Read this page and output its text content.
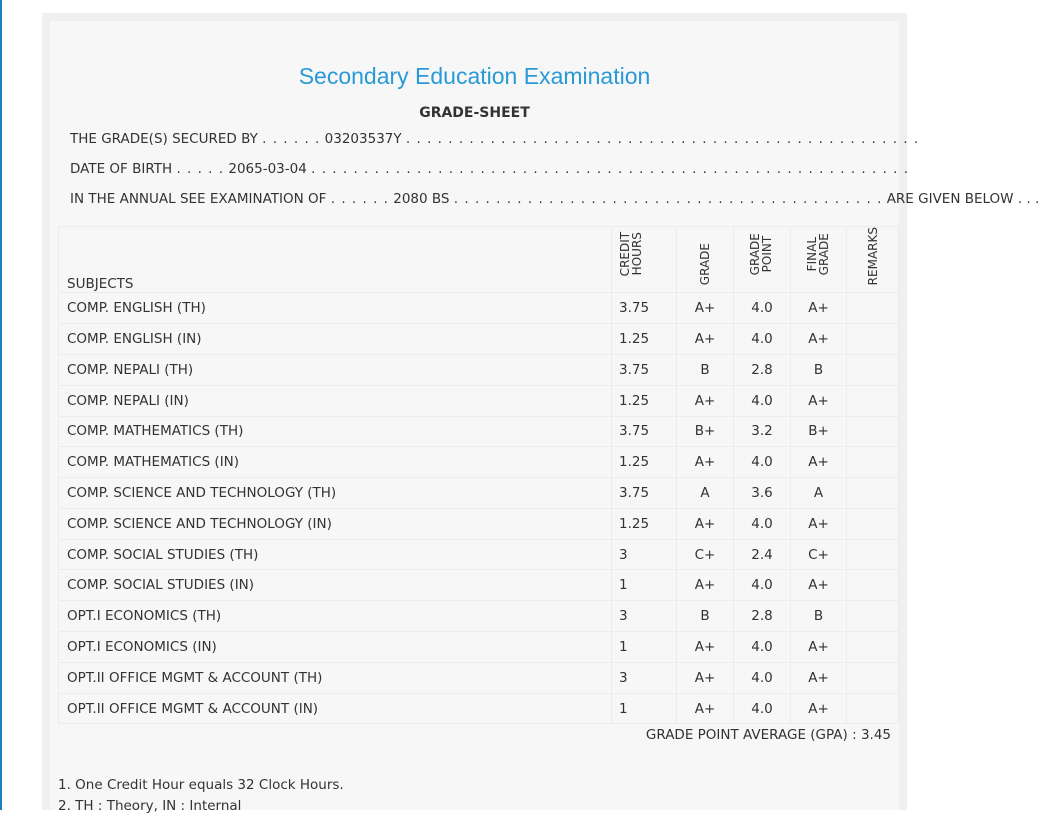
Secondary Education Examination
GRADE-SHEET
THE GRADE(S) SECURED BY . . . . . . 03203537Y . . . . . . . . . . . . . . . . . . . . . . . . . . . . . . . . . . . . . . . . . . . . . . . . .
DATE OF BIRTH . . . . . 2065-03-04 . . . . . . . . . . . . . . . . . . . . . . . . . . . . . . . . . . . . . . . . . . . . . . . . . . . . . . . . .
IN THE ANNUAL SEE EXAMINATION OF . . . . . . 2080 BS . . . . . . . . . . . . . . . . . . . . . . . . . . . . . . . . . . . . . . . . . ARE GIVEN BELOW . . .
SUBJECTS	CREDIT HOURS	GRADE	GRADE POINT	FINAL GRADE	REMARKS
COMP. ENGLISH (TH)	3.75	A+	4.0	A+	
COMP. ENGLISH (IN)	1.25	A+	4.0	A+	
COMP. NEPALI (TH)	3.75	B	2.8	B	
COMP. NEPALI (IN)	1.25	A+	4.0	A+	
COMP. MATHEMATICS (TH)	3.75	B+	3.2	B+	
COMP. MATHEMATICS (IN)	1.25	A+	4.0	A+	
COMP. SCIENCE AND TECHNOLOGY (TH)	3.75	A	3.6	A	
COMP. SCIENCE AND TECHNOLOGY (IN)	1.25	A+	4.0	A+	
COMP. SOCIAL STUDIES (TH)	3	C+	2.4	C+	
COMP. SOCIAL STUDIES (IN)	1	A+	4.0	A+	
OPT.I ECONOMICS (TH)	3	B	2.8	B	
OPT.I ECONOMICS (IN)	1	A+	4.0	A+	
OPT.II OFFICE MGMT & ACCOUNT (TH)	3	A+	4.0	A+	
OPT.II OFFICE MGMT & ACCOUNT (IN)	1	A+	4.0	A+	
GRADE POINT AVERAGE (GPA) : 3.45
1. One Credit Hour equals 32 Clock Hours.
2. TH : Theory, IN : Internal
